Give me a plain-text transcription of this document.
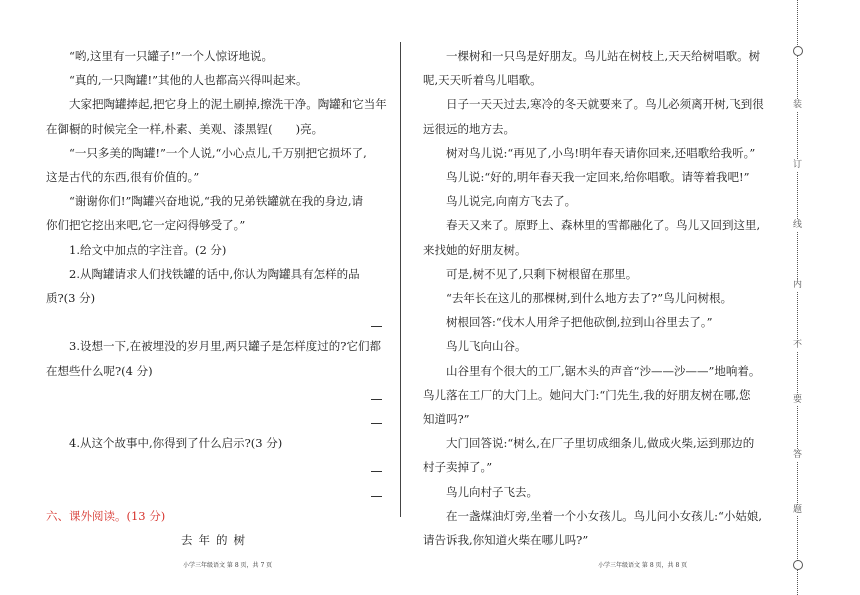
“哟,这里有一只罐子!”一个人惊讶地说。

“真的,一只陶罐!”其他的人也都高兴得叫起来。

大家把陶罐捧起,把它身上的泥土刷掉,擦洗干净。陶罐和它当年

在御橱的时候完全一样,朴素、美观、漆黑锃(　　)亮。

“一只多美的陶罐!”一个人说,“小心点儿,千万别把它损坏了,

这是古代的东西,很有价值的。”

“谢谢你们!”陶罐兴奋地说,“我的兄弟铁罐就在我的身边,请

你们把它挖出来吧,它一定闷得够受了。”

1.给文中加点的字注音。(2 分)

2.从陶罐请求人们找铁罐的话中,你认为陶罐具有怎样的品

质?(3 分)

3.设想一下,在被埋没的岁月里,两只罐子是怎样度过的?它们都

在想些什么呢?(4 分)

4.从这个故事中,你得到了什么启示?(3 分)

六、课外阅读。(13 分)

去年的树

一棵树和一只鸟是好朋友。鸟儿站在树枝上,天天给树唱歌。树

呢,天天听着鸟儿唱歌。

日子一天天过去,寒冷的冬天就要来了。鸟儿必须离开树,飞到很

远很远的地方去。

树对鸟儿说:“再见了,小鸟!明年春天请你回来,还唱歌给我听。”

鸟儿说:“好的,明年春天我一定回来,给你唱歌。请等着我吧!”

鸟儿说完,向南方飞去了。

春天又来了。原野上、森林里的雪都融化了。鸟儿又回到这里,

来找她的好朋友树。

可是,树不见了,只剩下树根留在那里。

“去年长在这儿的那棵树,到什么地方去了?”鸟儿问树根。

树根回答:“伐木人用斧子把他砍倒,拉到山谷里去了。”

鸟儿飞向山谷。

山谷里有个很大的工厂,锯木头的声音“沙——沙——”地响着。

鸟儿落在工厂的大门上。她问大门:“门先生,我的好朋友树在哪,您

知道吗?”

大门回答说:“树么,在厂子里切成细条儿,做成火柴,运到那边的

村子卖掉了。”

鸟儿向村子飞去。

在一盏煤油灯旁,坐着一个小女孩儿。鸟儿问小女孩儿:“小姑娘,

请告诉我,你知道火柴在哪儿吗?”

小学三年级语文 第 8 页，共 7 页	小学三年级语文 第 8 页，共 8 页
装
订
线
内
不
要
答
题
